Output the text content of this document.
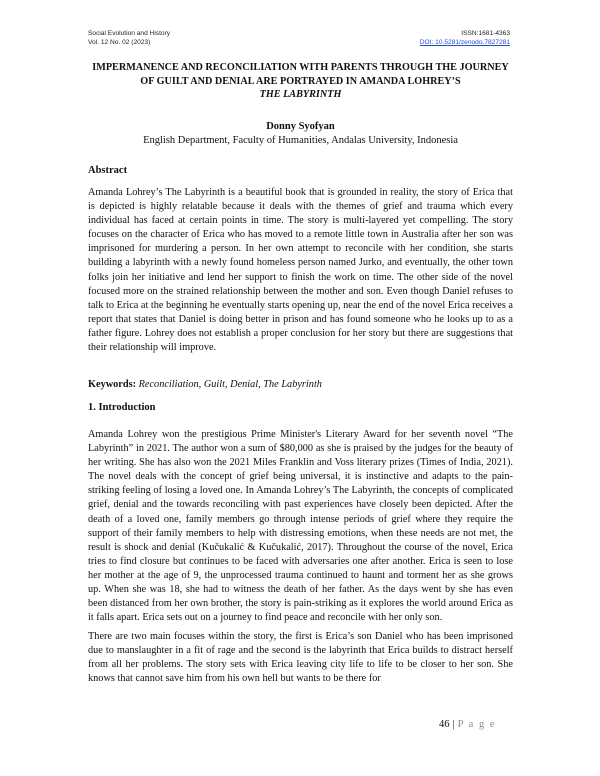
Social Evolution and History
Vol. 12 No. 02 (2023)
ISSN:1681-4363
DOI: 10.5281/zenodo.7827281
IMPERMANENCE AND RECONCILIATION WITH PARENTS THROUGH THE JOURNEY OF GUILT AND DENIAL ARE PORTRAYED IN AMANDA LOHREY’S
THE LABYRINTH
Donny Syofyan
English Department, Faculty of Humanities, Andalas University, Indonesia
Abstract
Amanda Lohrey’s The Labyrinth is a beautiful book that is grounded in reality, the story of Erica that is depicted is highly relatable because it deals with the themes of grief and trauma which every individual has faced at certain points in time. The story is multi-layered yet compelling. The story focuses on the character of Erica who has moved to a remote little town in Australia after her son was imprisoned for murdering a person. In her own attempt to reconcile with her condition, she starts building a labyrinth with a newly found homeless person named Jurko, and eventually, the other town folks join her initiative and lend her support to finish the work on time. The other side of the novel focused more on the strained relationship between the mother and son. Even though Daniel refuses to talk to Erica at the beginning he eventually starts opening up, near the end of the novel Erica receives a report that states that Daniel is doing better in prison and has found someone who he looks up to as a father figure. Lohrey does not establish a proper conclusion for her story but there are suggestions that their relationship will improve.
Keywords: Reconciliation, Guilt, Denial, The Labyrinth
1. Introduction
Amanda Lohrey won the prestigious Prime Minister's Literary Award for her seventh novel “The Labyrinth” in 2021. The author won a sum of $80,000 as she is praised by the judges for the beauty of her writing. She has also won the 2021 Miles Franklin and Voss literary prizes (Times of India, 2021). The novel deals with the concept of grief being universal, it is instinctive and adapts to the pain-striking feeling of losing a loved one. In Amanda Lohrey’s The Labyrinth, the concepts of complicated grief, denial and the towards reconciling with past experiences have closely been depicted. After the death of a loved one, family members go through intense periods of grief where they require the support of their family members to help with distressing emotions, when these needs are not met, the result is shock and denial (Kučukalić & Kučukalić, 2017). Throughout the course of the novel, Erica tries to find closure but continues to be faced with adversaries one after another. Erica is seen to lose her mother at the age of 9, the unprocessed trauma continued to haunt and torment her as she grows up. When she was 18, she had to witness the death of her father. As the days went by she has even been distanced from her own brother, the story is pain-striking as it explores the world around Erica as it falls apart. Erica sets out on a journey to find peace and reconcile with her only son.
There are two main focuses within the story, the first is Erica’s son Daniel who has been imprisoned due to manslaughter in a fit of rage and the second is the labyrinth that Erica builds to distract herself from all her problems. The story sets with Erica leaving city life to life to be closer to her son. She knows that cannot save him from his own hell but wants to be there for
46 | P a g e
